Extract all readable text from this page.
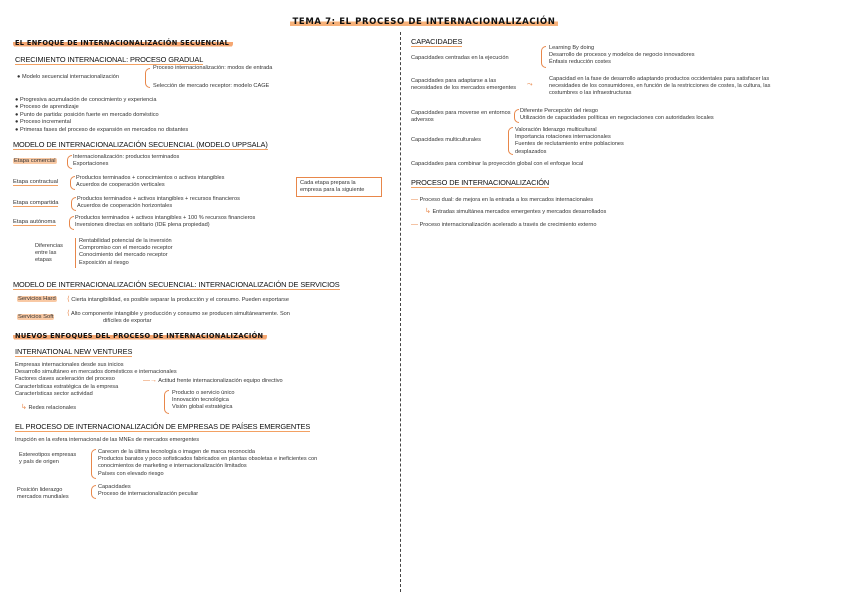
TEMA 7: EL PROCESO DE INTERNACIONALIZACIÓN
EL ENFOQUE DE INTERNACIONALIZACIÓN SECUENCIAL
CRECIMIENTO INTERNACIONAL: PROCESO GRADUAL
● Modelo secuencial internacionalización
Proceso internacionalización: modos de entrada
Selección de mercado receptor: modelo CAGE
● Progresiva acumulación de conocimiento y experiencia
● Proceso de aprendizaje
● Punto de partida: posición fuerte en mercado doméstico
● Proceso incremental
● Primeras fases del proceso de expansión en mercados no distantes
MODELO DE INTERNACIONALIZACIÓN SECUENCIAL (MODELO UPPSALA)
Etapa comercial
Internacionalización: productos terminados
Exportaciones
Etapa contractual
Productos terminados + conocimientos o activos intangibles
Acuerdos de cooperación verticales
Etapa compartida
Productos terminados + activos intangibles + recursos financieros
Acuerdos de cooperación horizontales
Etapa autónoma
Productos terminados + activos intangibles + 100 % recursos financieros
Inversiones directas en solitario (IDE plena propiedad)
Cada etapa prepara la empresa para la siguiente
Diferencias entre las etapas
Rentabilidad potencial de la inversión
Compromiso con el mercado receptor
Conocimiento del mercado receptor
Exposición al riesgo
MODELO DE INTERNACIONALIZACIÓN SECUENCIAL: INTERNACIONALIZACIÓN DE SERVICIOS
Servicios Hard ⟨ Cierta intangibilidad, es posible separar la producción y el consumo. Pueden exportarse
Servicios Soft ⟨ Alto componente intangible y producción y consumo se producen simultáneamente. Son
difíciles de exportar
NUEVOS ENFOQUES DEL PROCESO DE INTERNACIONALIZACIÓN
INTERNATIONAL NEW VENTURES
Empresas internacionales desde sus inicios
Desarrollo simultáneo en mercados domésticos e internacionales
Factores claves aceleración del proceso
Características estratégica de la empresa
Características sector actividad
—→ Actitud frente internacionalización equipo directivo
Producto o servicio único
Innovación tecnológica
Visión global estratégica
↳ Redes relacionales
EL PROCESO DE INTERNACIONALIZACIÓN DE EMPRESAS DE PAÍSES EMERGENTES
Irrupción en la esfera internacional de las MNEs de mercados emergentes
Estereotipos empresas y país de origen
Carecen de la última tecnología o imagen de marca reconocida
Productos baratos y poco sofisticados fabricados en plantas obsoletas e ineficientes con
conocimientos de marketing e internacionalización limitados
Países con elevado riesgo
Posición liderazgo mercados mundiales
Capacidades
Proceso de internacionalización peculiar
CAPACIDADES
Capacidades centradas en la ejecución
Learning By doing
Desarrollo de procesos y modelos de negocio innovadores
Énfasis reducción costes
Capacidades para adaptarse a las necesidades de los mercados emergentes
⤳
Capacidad en la fase de desarrollo adaptando productos occidentales para satisfacer las
necesidades de los consumidores, en función de la restricciones de costes, la cultura, las
costumbres o las infraestructuras
Capacidades para moverse en entornos adversos
Diferente Percepción del riesgo
Utilización de capacidades políticas en negociaciones con autoridades locales
Capacidades multiculturales
Valoración liderazgo multicultural
Importancia rotaciones internacionales
Fuentes de reclutamiento entre poblaciones
desplazados
Capacidades para combinar la proyección global con el enfoque local
PROCESO DE INTERNACIONALIZACIÓN
— Proceso dual: de mejora en la entrada a los mercados internacionales
↳ Entradas simultánea mercados emergentes y mercados desarrollados
— Proceso internacionalización acelerado a través de crecimiento externo
